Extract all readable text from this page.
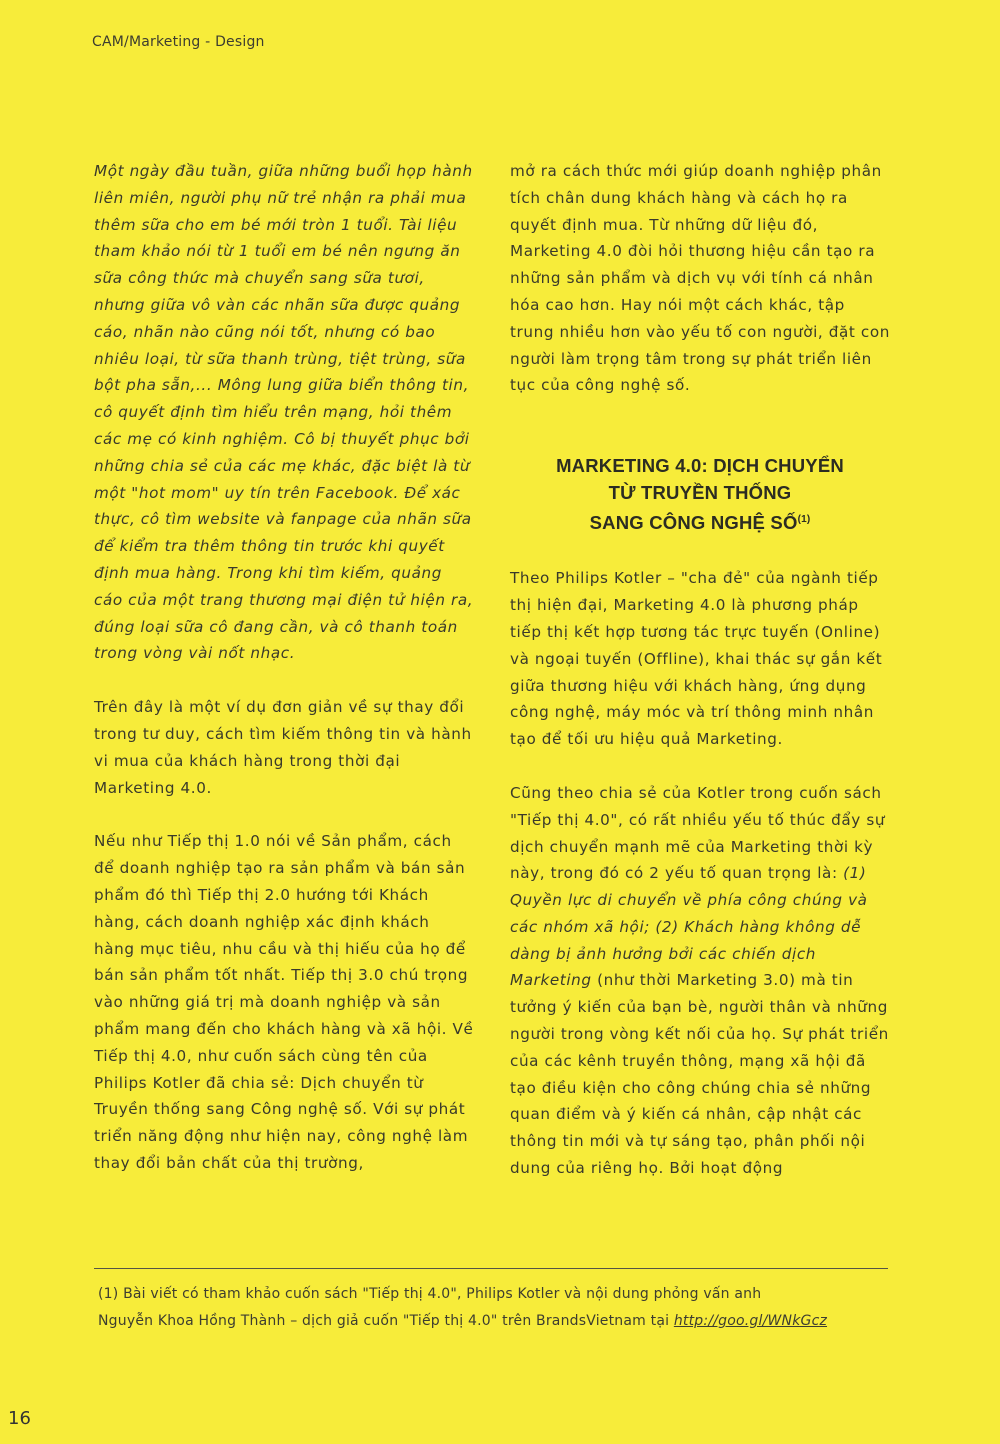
CAM/Marketing - Design

Một ngày đầu tuần, giữa những buổi họp hành liên miên, người phụ nữ trẻ nhận ra phải mua thêm sữa cho em bé mới tròn 1 tuổi. Tài liệu tham khảo nói từ 1 tuổi em bé nên ngưng ăn sữa công thức mà chuyển sang sữa tươi, nhưng giữa vô vàn các nhãn sữa được quảng cáo, nhãn nào cũng nói tốt, nhưng có bao nhiêu loại, từ sữa thanh trùng, tiệt trùng, sữa bột pha sẵn,... Mông lung giữa biển thông tin, cô quyết định tìm hiểu trên mạng, hỏi thêm các mẹ có kinh nghiệm. Cô bị thuyết phục bởi những chia sẻ của các mẹ khác, đặc biệt là từ một "hot mom" uy tín trên Facebook. Để xác thực, cô tìm website và fanpage của nhãn sữa để kiểm tra thêm thông tin trước khi quyết định mua hàng. Trong khi tìm kiếm, quảng cáo của một trang thương mại điện tử hiện ra, đúng loại sữa cô đang cần, và cô thanh toán trong vòng vài nốt nhạc.

Trên đây là một ví dụ đơn giản về sự thay đổi trong tư duy, cách tìm kiếm thông tin và hành vi mua của khách hàng trong thời đại Marketing 4.0.

Nếu như Tiếp thị 1.0 nói về Sản phẩm, cách để doanh nghiệp tạo ra sản phẩm và bán sản phẩm đó thì Tiếp thị 2.0 hướng tới Khách hàng, cách doanh nghiệp xác định khách hàng mục tiêu, nhu cầu và thị hiếu của họ để bán sản phẩm tốt nhất. Tiếp thị 3.0 chú trọng vào những giá trị mà doanh nghiệp và sản phẩm mang đến cho khách hàng và xã hội. Về Tiếp thị 4.0, như cuốn sách cùng tên của Philips Kotler đã chia sẻ: Dịch chuyển từ Truyền thống sang Công nghệ số. Với sự phát triển năng động như hiện nay, công nghệ làm thay đổi bản chất của thị trường,

mở ra cách thức mới giúp doanh nghiệp phân tích chân dung khách hàng và cách họ ra quyết định mua. Từ những dữ liệu đó, Marketing 4.0 đòi hỏi thương hiệu cần tạo ra những sản phẩm và dịch vụ với tính cá nhân hóa cao hơn. Hay nói một cách khác, tập trung nhiều hơn vào yếu tố con người, đặt con người làm trọng tâm trong sự phát triển liên tục của công nghệ số.

MARKETING 4.0: DỊCH CHUYỂN
TỪ TRUYỀN THỐNG
SANG CÔNG NGHỆ SỐ$^{(1)}$

Theo Philips Kotler – "cha đẻ" của ngành tiếp thị hiện đại, Marketing 4.0 là phương pháp tiếp thị kết hợp tương tác trực tuyến (Online) và ngoại tuyến (Offline), khai thác sự gắn kết giữa thương hiệu với khách hàng, ứng dụng công nghệ, máy móc và trí thông minh nhân tạo để tối ưu hiệu quả Marketing.

Cũng theo chia sẻ của Kotler trong cuốn sách "Tiếp thị 4.0", có rất nhiều yếu tố thúc đẩy sự dịch chuyển mạnh mẽ của Marketing thời kỳ này, trong đó có 2 yếu tố quan trọng là: (1) Quyền lực di chuyển về phía công chúng và các nhóm xã hội; (2) Khách hàng không dễ dàng bị ảnh hưởng bởi các chiến dịch Marketing (như thời Marketing 3.0) mà tin tưởng ý kiến của bạn bè, người thân và những người trong vòng kết nối của họ. Sự phát triển của các kênh truyền thông, mạng xã hội đã tạo điều kiện cho công chúng chia sẻ những quan điểm và ý kiến cá nhân, cập nhật các thông tin mới và tự sáng tạo, phân phối nội dung của riêng họ. Bởi hoạt động

(1) Bài viết có tham khảo cuốn sách "Tiếp thị 4.0", Philips Kotler và nội dung phỏng vấn anh
Nguyễn Khoa Hồng Thành – dịch giả cuốn "Tiếp thị 4.0" trên BrandsVietnam tại http://goo.gl/WNkGcz
16
